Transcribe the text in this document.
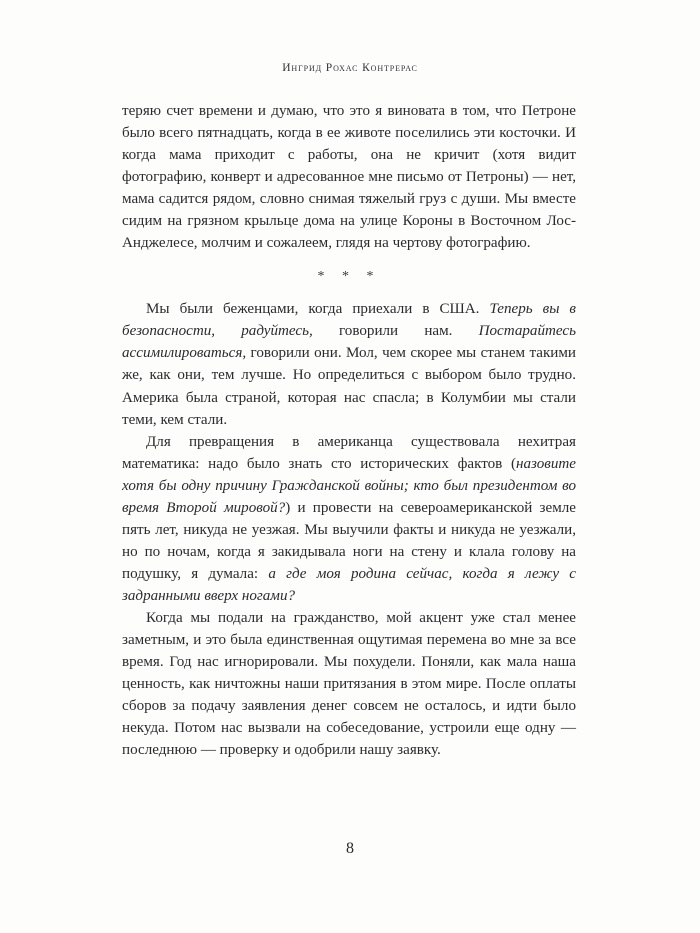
Ингрид Рохас Контрерас

теряю счет времени и думаю, что это я виновата в том, что Петроне было всего пятнадцать, когда в ее животе поселились эти косточки. И когда мама приходит с работы, она не кричит (хотя видит фотографию, конверт и адресованное мне письмо от Петроны) — нет, мама садится рядом, словно снимая тяжелый груз с души. Мы вместе сидим на грязном крыльце дома на улице Короны в Восточном Лос-Анджелесе, молчим и сожалеем, глядя на чертову фотографию.

* * *

Мы были беженцами, когда приехали в США. Теперь вы в безопасности, радуйтесь, говорили нам. Постарайтесь ассимилироваться, говорили они. Мол, чем скорее мы станем такими же, как они, тем лучше. Но определиться с выбором было трудно. Америка была страной, которая нас спасла; в Колумбии мы стали теми, кем стали.

Для превращения в американца существовала нехитрая математика: надо было знать сто исторических фактов (назовите хотя бы одну причину Гражданской войны; кто был президентом во время Второй мировой?) и провести на североамериканской земле пять лет, никуда не уезжая. Мы выучили факты и никуда не уезжали, но по ночам, когда я закидывала ноги на стену и клала голову на подушку, я думала: а где моя родина сейчас, когда я лежу с задранными вверх ногами?

Когда мы подали на гражданство, мой акцент уже стал менее заметным, и это была единственная ощутимая перемена во мне за все время. Год нас игнорировали. Мы похудели. Поняли, как мала наша ценность, как ничтожны наши притязания в этом мире. После оплаты сборов за подачу заявления денег совсем не осталось, и идти было некуда. Потом нас вызвали на собеседование, устроили еще одну — последнюю — проверку и одобрили нашу заявку.

8
